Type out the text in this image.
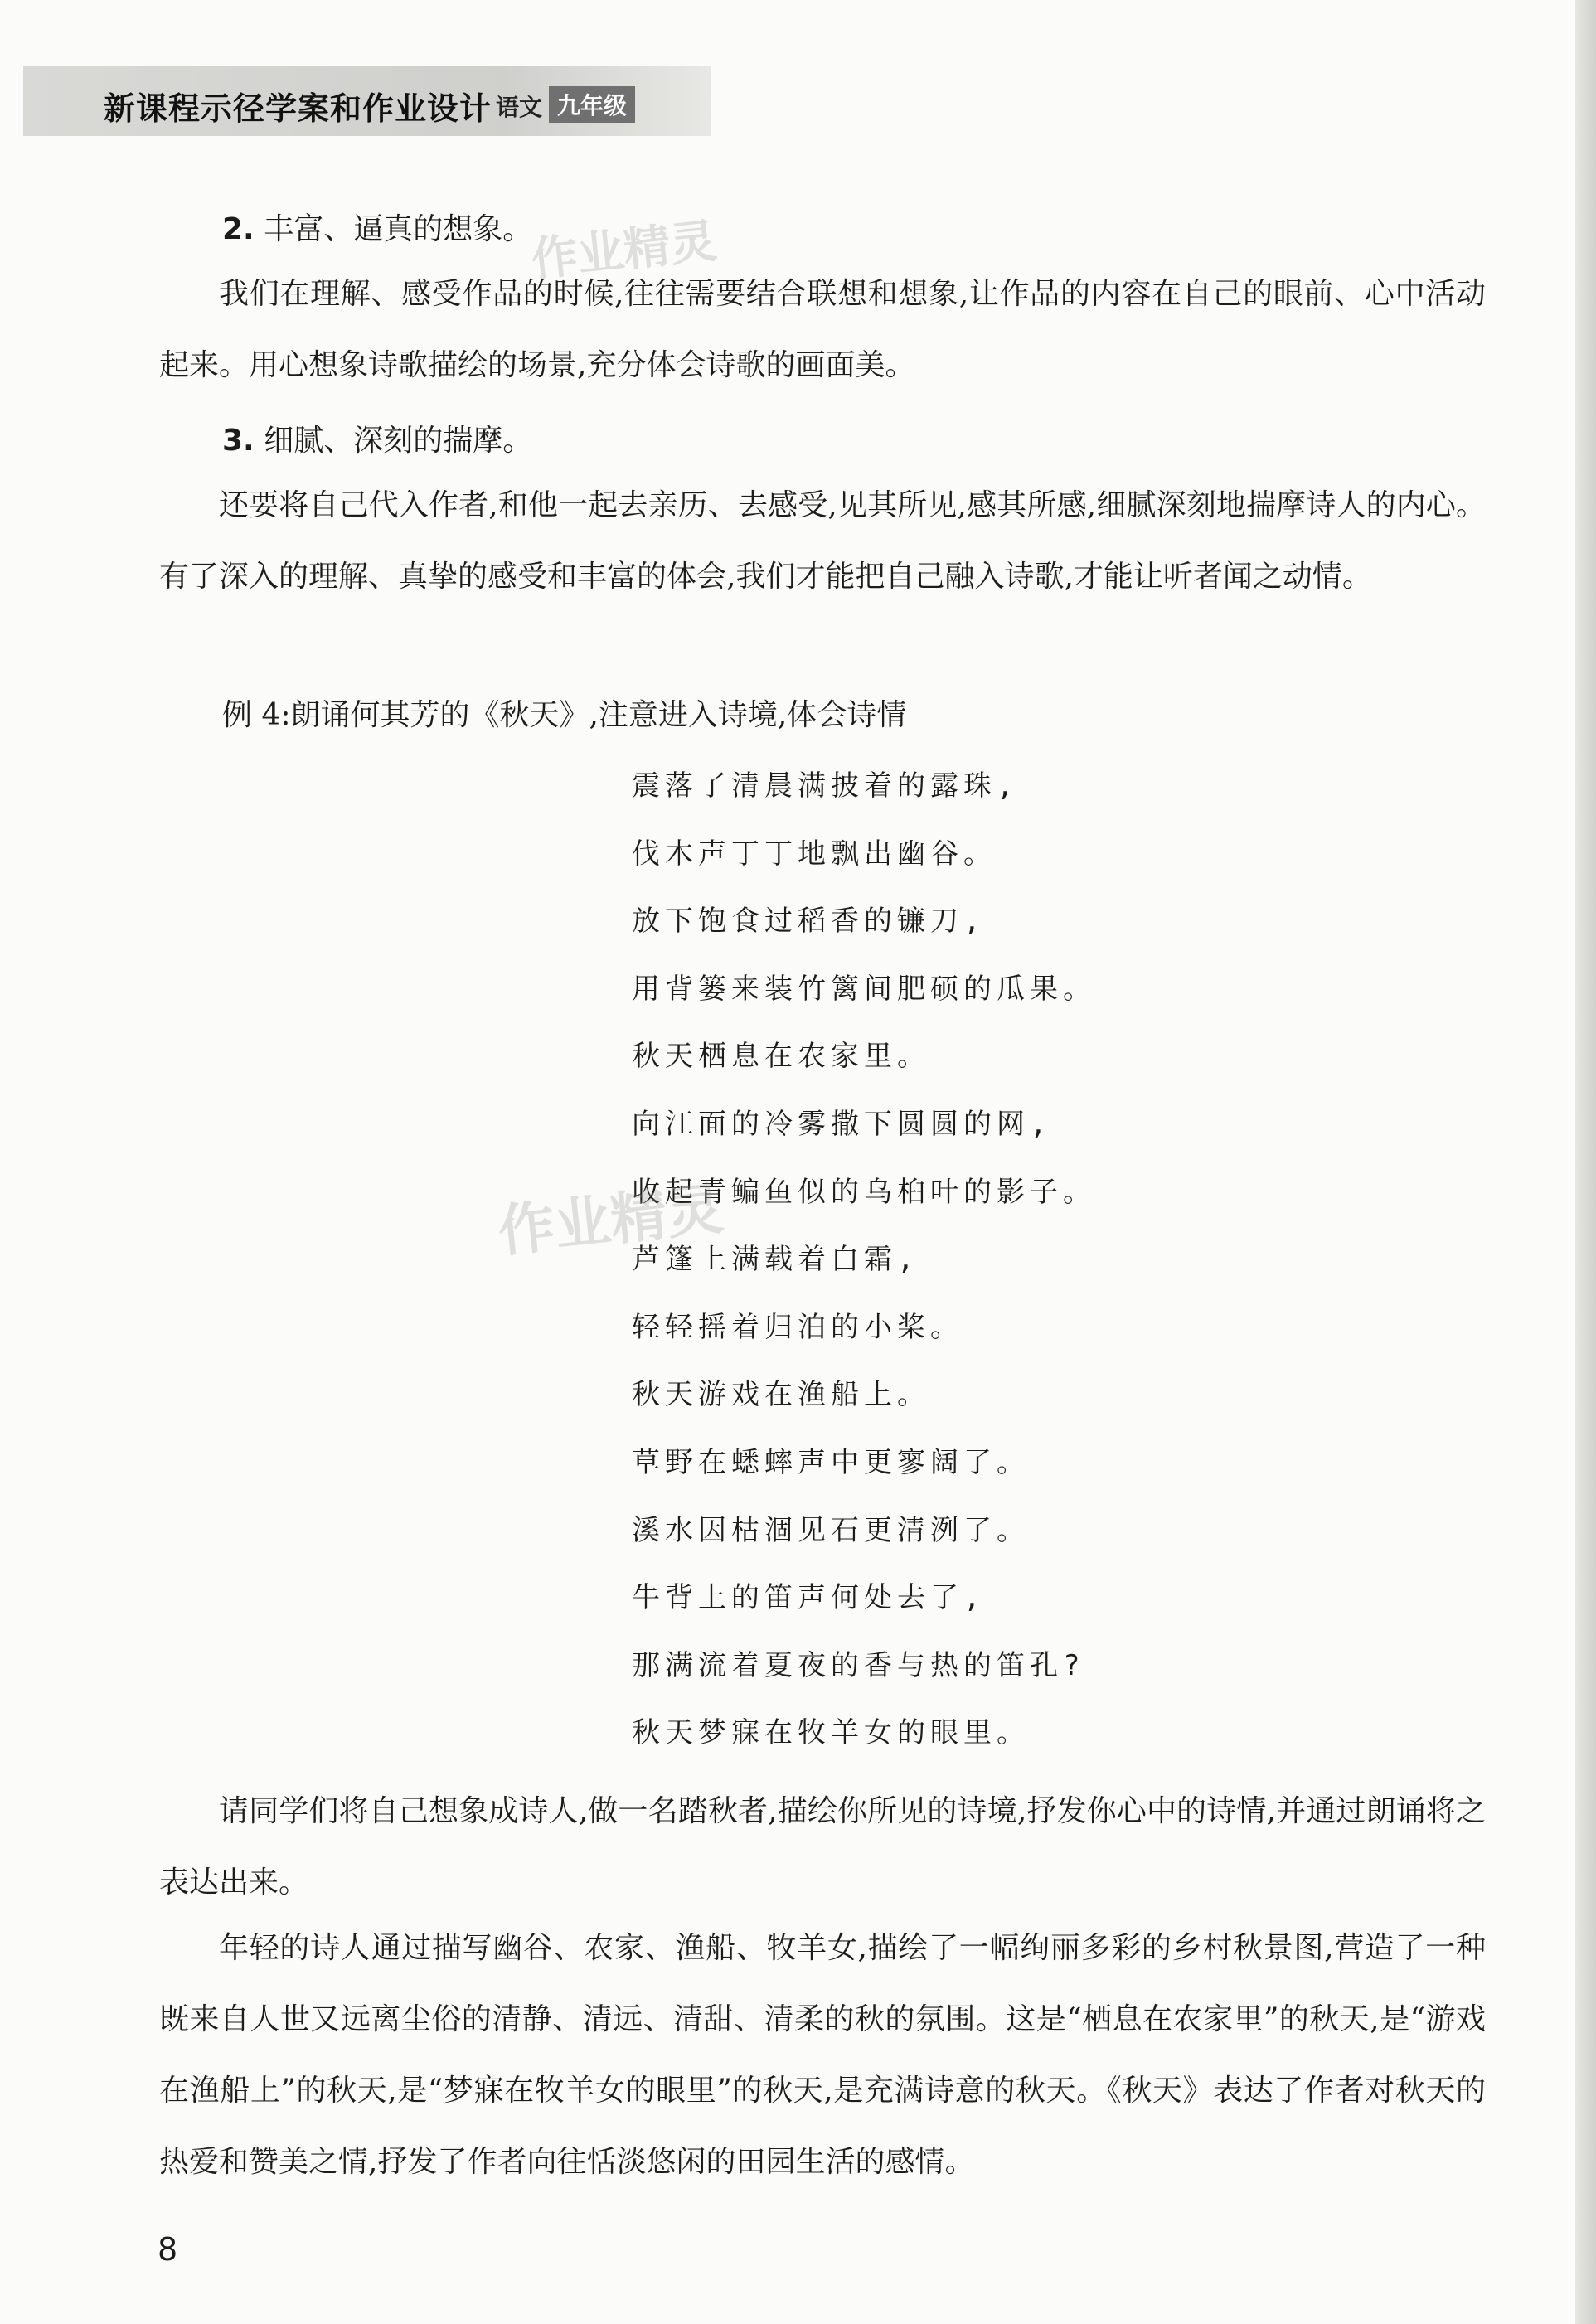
新课程示径学案和作业设计 语文 九年级
2. 丰富、逼真的想象。

我们在理解、感受作品的时候,往往需要结合联想和想象,让作品的内容在自己的眼前、心中活动起来。用心想象诗歌描绘的场景,充分体会诗歌的画面美。

3. 细腻、深刻的揣摩。

还要将自己代入作者,和他一起去亲历、去感受,见其所见,感其所感,细腻深刻地揣摩诗人的内心。有了深入的理解、真挚的感受和丰富的体会,我们才能把自己融入诗歌,才能让听者闻之动情。

例 4:朗诵何其芳的《秋天》,注意进入诗境,体会诗情
震落了清晨满披着的露珠,
伐木声丁丁地飘出幽谷。
放下饱食过稻香的镰刀,
用背篓来装竹篱间肥硕的瓜果。
秋天栖息在农家里。
向江面的冷雾撒下圆圆的网,
收起青鳊鱼似的乌桕叶的影子。
芦篷上满载着白霜,
轻轻摇着归泊的小桨。
秋天游戏在渔船上。
草野在蟋蟀声中更寥阔了。
溪水因枯涸见石更清洌了。
牛背上的笛声何处去了,
那满流着夏夜的香与热的笛孔?
秋天梦寐在牧羊女的眼里。

请同学们将自己想象成诗人,做一名踏秋者,描绘你所见的诗境,抒发你心中的诗情,并通过朗诵将之表达出来。

年轻的诗人通过描写幽谷、农家、渔船、牧羊女,描绘了一幅绚丽多彩的乡村秋景图,营造了一种既来自人世又远离尘俗的清静、清远、清甜、清柔的秋的氛围。这是“栖息在农家里”的秋天,是“游戏在渔船上”的秋天,是“梦寐在牧羊女的眼里”的秋天,是充满诗意的秋天。《秋天》表达了作者对秋天的热爱和赞美之情,抒发了作者向往恬淡悠闲的田园生活的感情。

作业精灵
作业精灵
8
